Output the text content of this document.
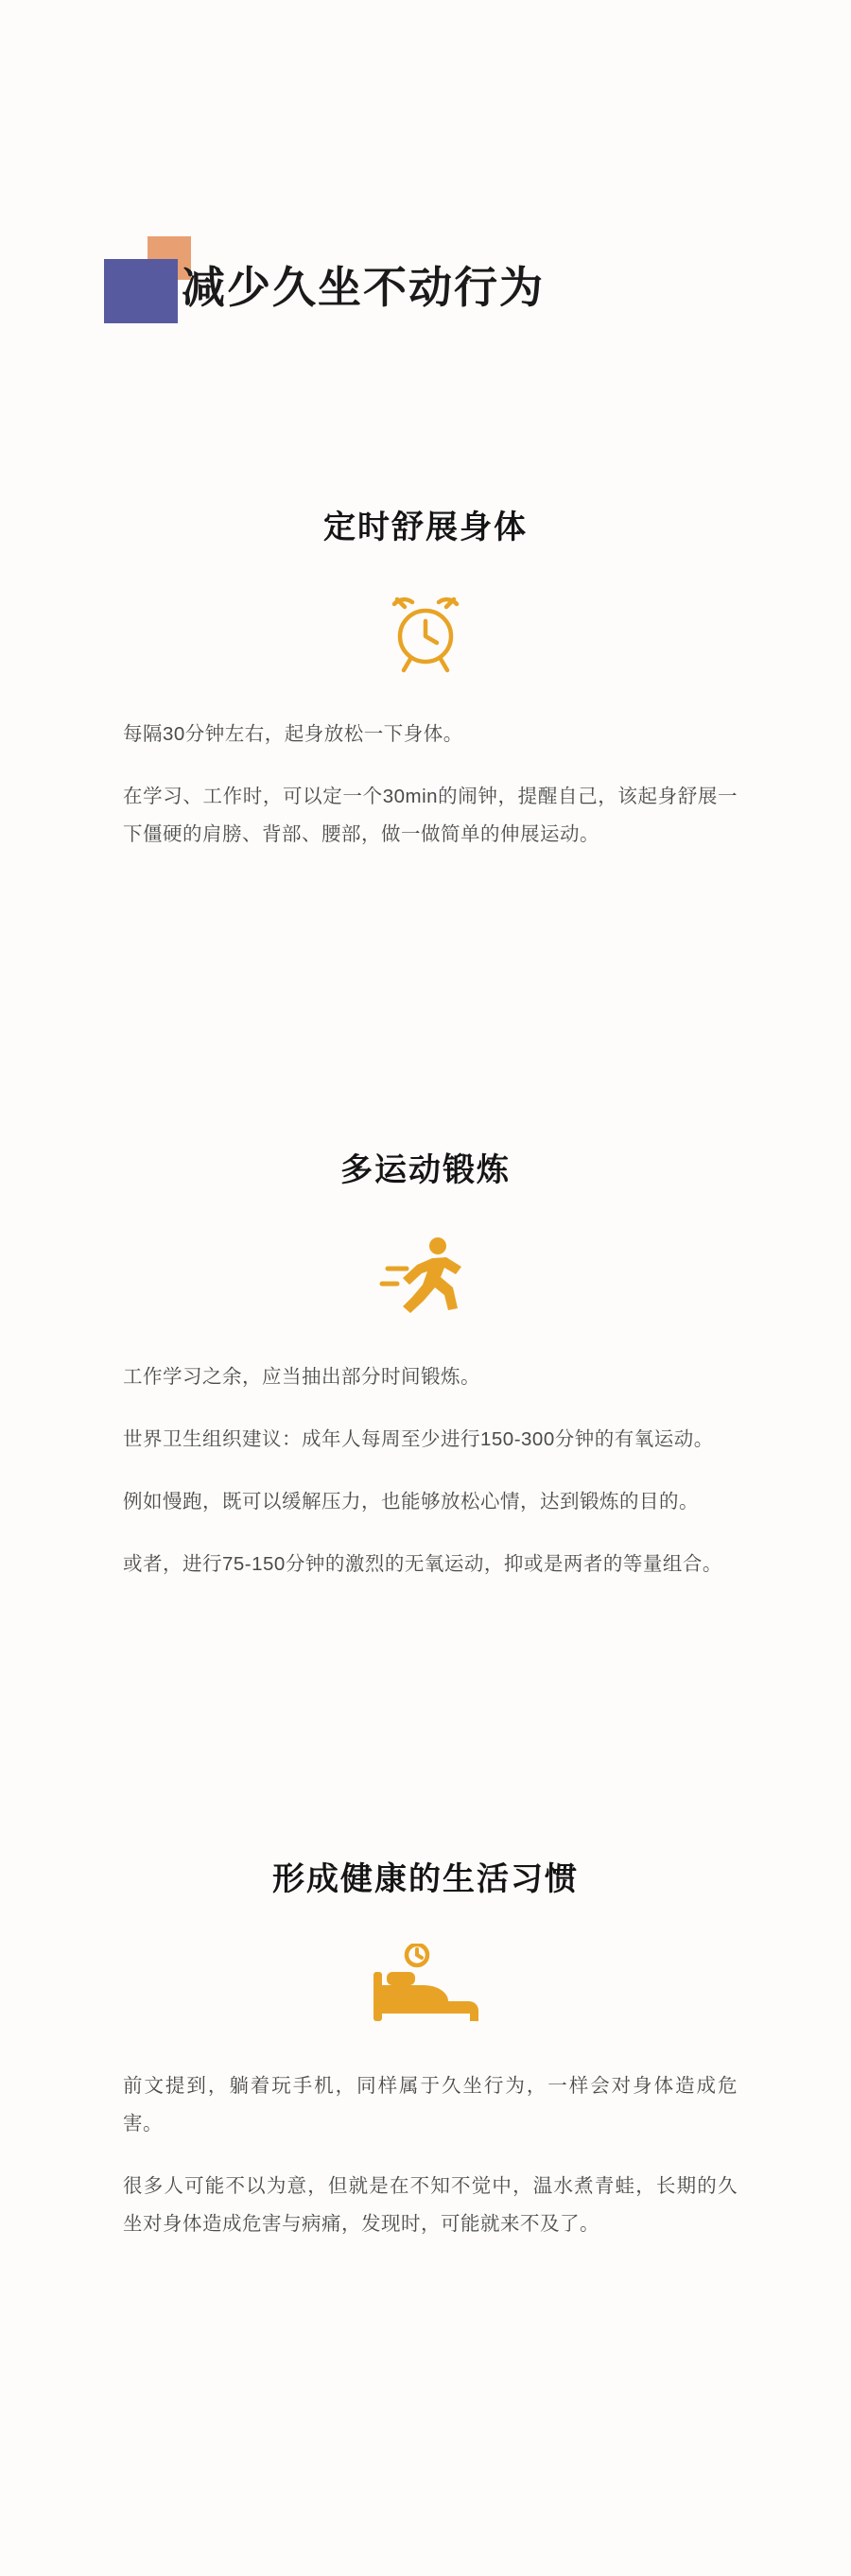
减少久坐不动行为
定时舒展身体

每隔30分钟左右，起身放松一下身体。

在学习、工作时，可以定一个30min的闹钟，提醒自己，该起身舒展一下僵硬的肩膀、背部、腰部，做一做简单的伸展运动。

多运动锻炼

工作学习之余，应当抽出部分时间锻炼。

世界卫生组织建议：成年人每周至少进行150-300分钟的有氧运动。

例如慢跑，既可以缓解压力，也能够放松心情，达到锻炼的目的。

或者，进行75-150分钟的激烈的无氧运动，抑或是两者的等量组合。

形成健康的生活习惯

前文提到，躺着玩手机，同样属于久坐行为，一样会对身体造成危害。

很多人可能不以为意，但就是在不知不觉中，温水煮青蛙，长期的久坐对身体造成危害与病痛，发现时，可能就来不及了。
